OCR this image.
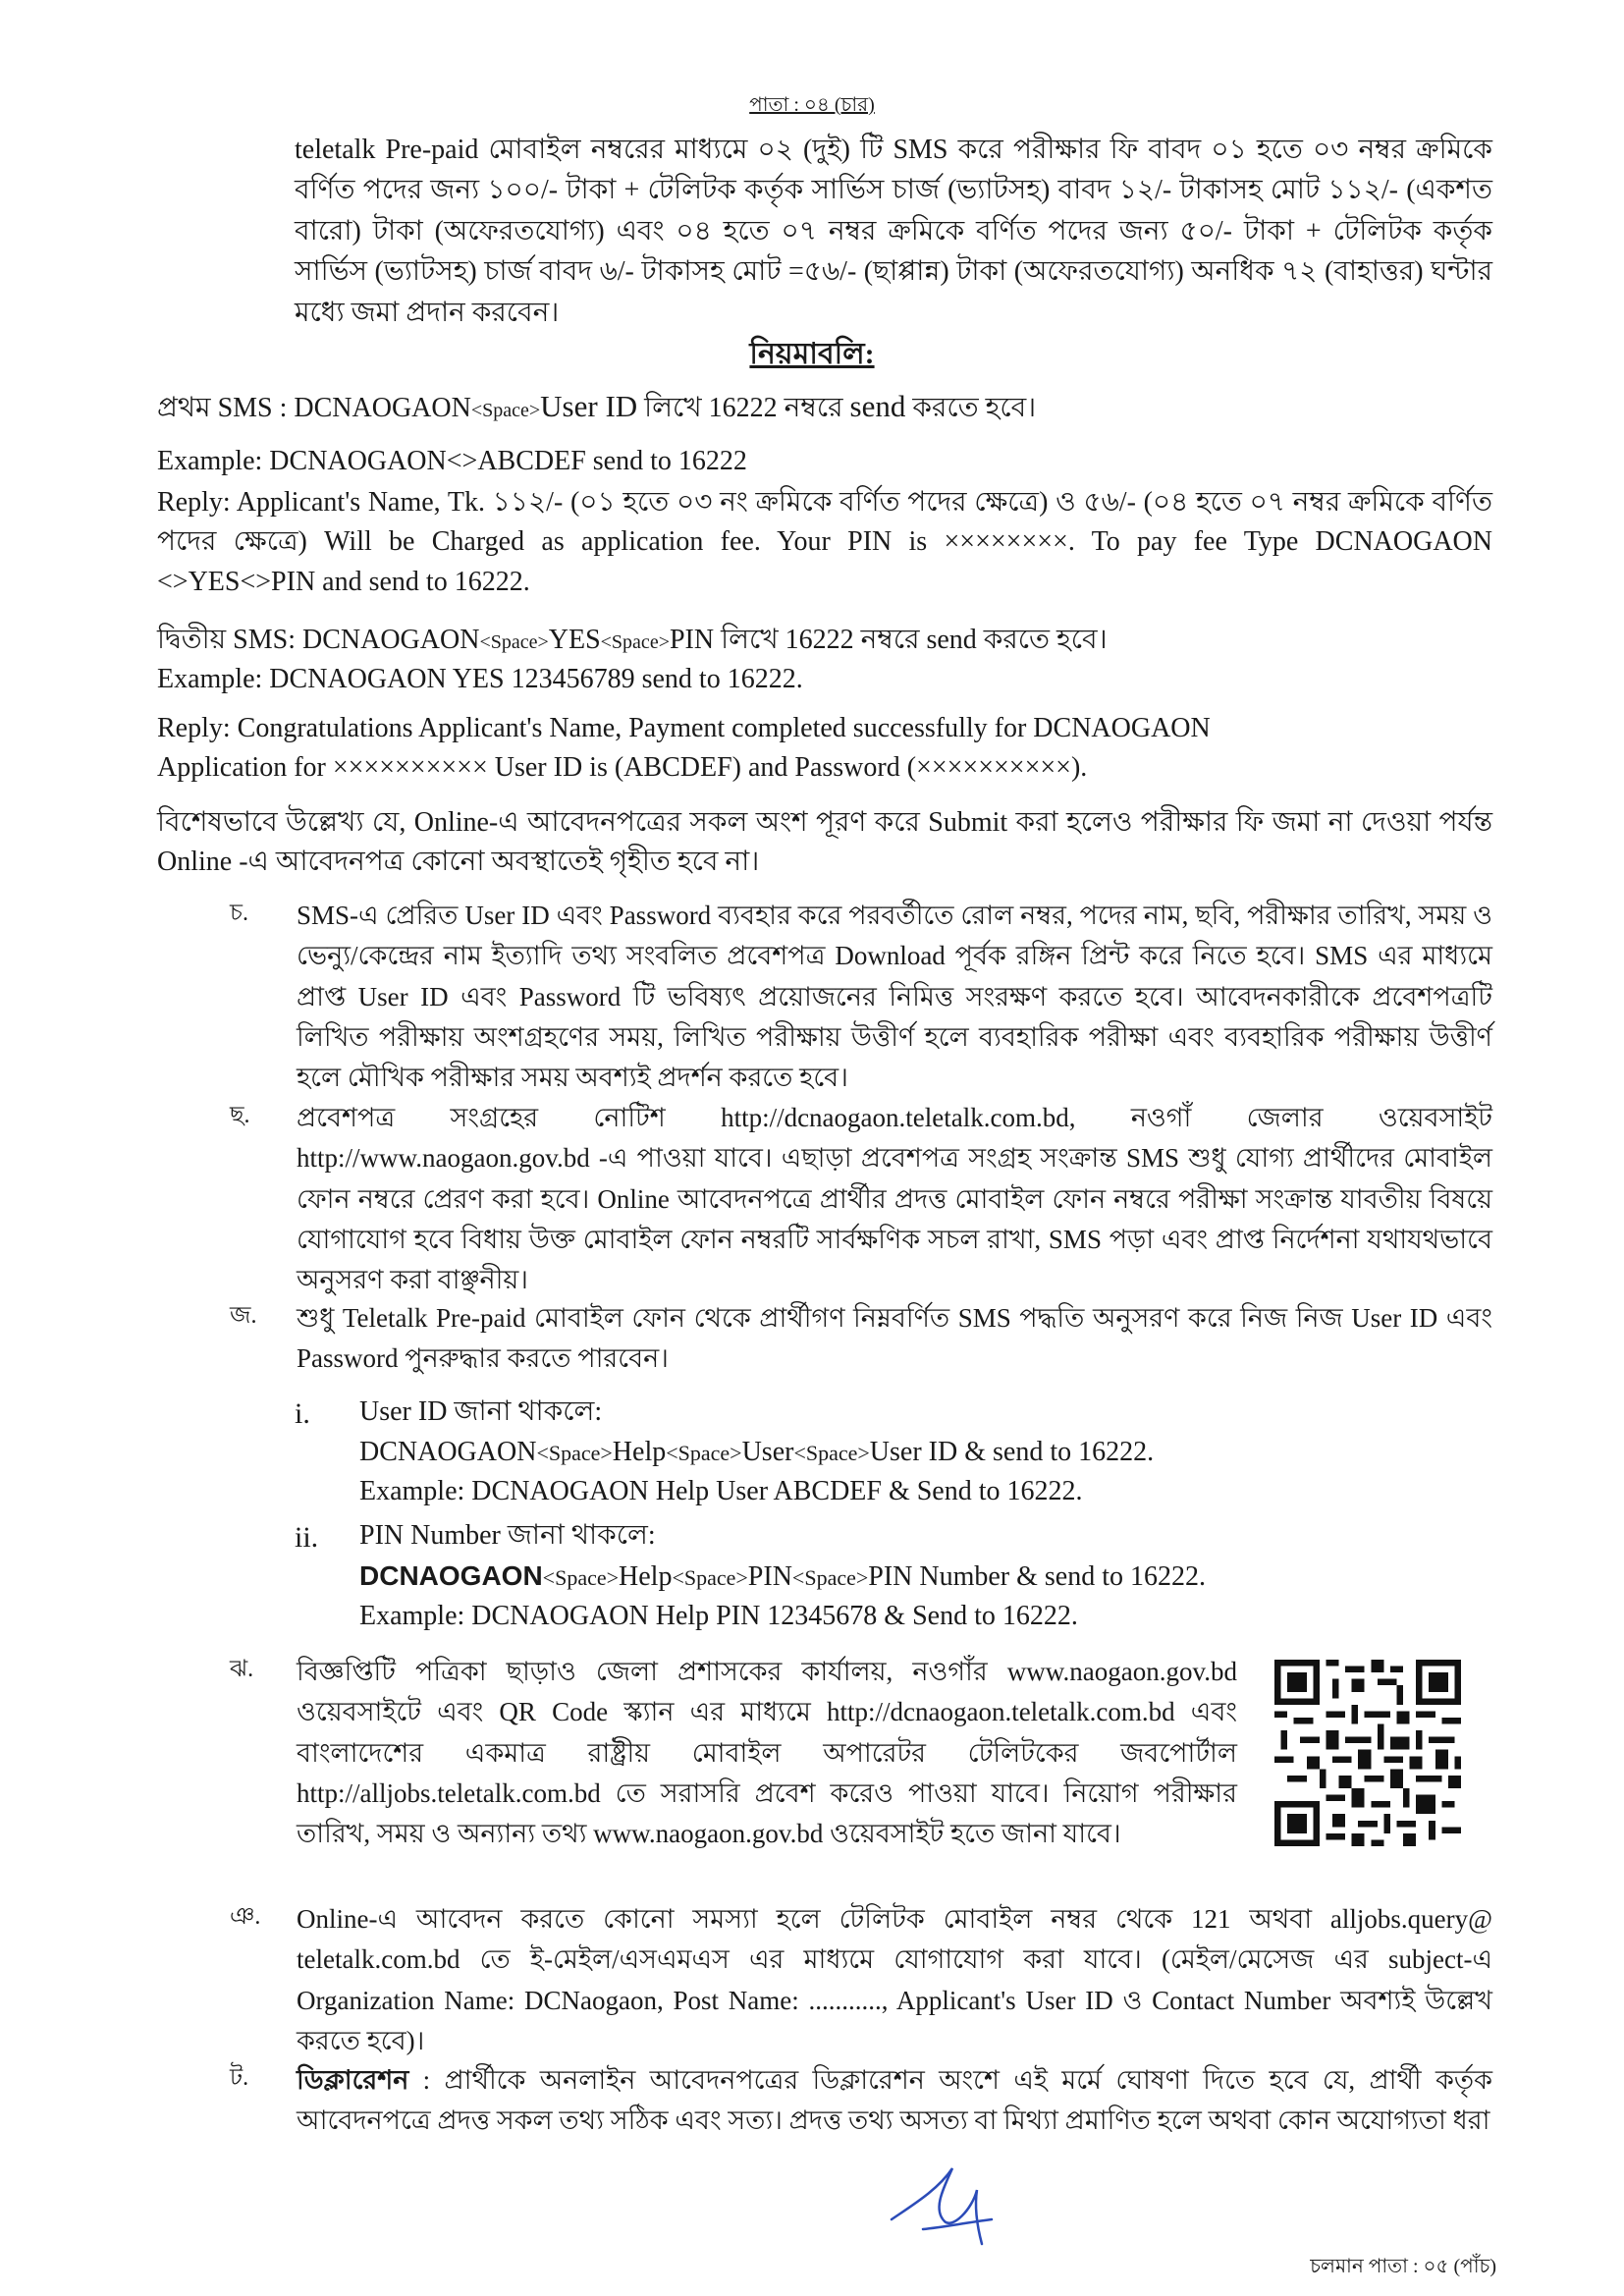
পাতা : ০৪ (চার)
teletalk Pre-paid মোবাইল নম্বরের মাধ্যমে ০২ (দুই) টি SMS করে পরীক্ষার ফি বাবদ ০১ হতে ০৩ নম্বর ক্রমিকে বর্ণিত পদের জন্য ১০০/- টাকা + টেলিটক কর্তৃক সার্ভিস চার্জ (ভ্যাটসহ) বাবদ ১২/- টাকাসহ মোট ১১২/- (একশত বারো) টাকা (অফেরতযোগ্য) এবং ০৪ হতে ০৭ নম্বর ক্রমিকে বর্ণিত পদের জন্য ৫০/- টাকা + টেলিটক কর্তৃক সার্ভিস (ভ্যাটসহ) চার্জ বাবদ ৬/- টাকাসহ মোট =৫৬/- (ছাপ্পান্ন) টাকা (অফেরতযোগ্য) অনধিক ৭২ (বাহাত্তর) ঘন্টার মধ্যে জমা প্রদান করবেন।
নিয়মাবলি:
প্রথম SMS : DCNAOGAON<Space>User ID লিখে 16222 নম্বরে send করতে হবে।
Example: DCNAOGAON<>ABCDEF send to 16222
Reply: Applicant's Name, Tk. ১১২/- (০১ হতে ০৩ নং ক্রমিকে বর্ণিত পদের ক্ষেত্রে) ও ৫৬/- (০৪ হতে ০৭ নম্বর ক্রমিকে বর্ণিত পদের ক্ষেত্রে) Will be Charged as application fee. Your PIN is ××××××××. To pay fee Type DCNAOGAON <>YES<>PIN and send to 16222.
দ্বিতীয় SMS: DCNAOGAON<Space>YES<Space>PIN লিখে 16222 নম্বরে send করতে হবে।
Example: DCNAOGAON YES 123456789 send to 16222.
Reply: Congratulations Applicant's Name, Payment completed successfully for DCNAOGAON
Application for ×××××××××× User ID is (ABCDEF) and Password (××××××××××).
বিশেষভাবে উল্লেখ্য যে, Online-এ আবেদনপত্রের সকল অংশ পূরণ করে Submit করা হলেও পরীক্ষার ফি জমা না দেওয়া পর্যন্ত Online -এ আবেদনপত্র কোনো অবস্থাতেই গৃহীত হবে না।
চ.	SMS-এ প্রেরিত User ID এবং Password ব্যবহার করে পরবর্তীতে রোল নম্বর, পদের নাম, ছবি, পরীক্ষার তারিখ, সময় ও ভেন্যু/কেন্দ্রের নাম ইত্যাদি তথ্য সংবলিত প্রবেশপত্র Download পূর্বক রঙ্গিন প্রিন্ট করে নিতে হবে। SMS এর মাধ্যমে প্রাপ্ত User ID এবং Password টি ভবিষ্যৎ প্রয়োজনের নিমিত্ত সংরক্ষণ করতে হবে। আবেদনকারীকে প্রবেশপত্রটি লিখিত পরীক্ষায় অংশগ্রহণের সময়, লিখিত পরীক্ষায় উত্তীর্ণ হলে ব্যবহারিক পরীক্ষা এবং ব্যবহারিক পরীক্ষায় উত্তীর্ণ হলে মৌখিক পরীক্ষার সময় অবশ্যই প্রদর্শন করতে হবে।
ছ.	প্রবেশপত্র সংগ্রহের নোটিশ http://dcnaogaon.teletalk.com.bd, নওগাঁ জেলার ওয়েবসাইট http://www.naogaon.gov.bd -এ পাওয়া যাবে। এছাড়া প্রবেশপত্র সংগ্রহ সংক্রান্ত SMS শুধু যোগ্য প্রার্থীদের মোবাইল ফোন নম্বরে প্রেরণ করা হবে। Online আবেদনপত্রে প্রার্থীর প্রদত্ত মোবাইল ফোন নম্বরে পরীক্ষা সংক্রান্ত যাবতীয় বিষয়ে যোগাযোগ হবে বিধায় উক্ত মোবাইল ফোন নম্বরটি সার্বক্ষণিক সচল রাখা, SMS পড়া এবং প্রাপ্ত নির্দেশনা যথাযথভাবে অনুসরণ করা বাঞ্ছনীয়।
জ.	শুধু Teletalk Pre-paid মোবাইল ফোন থেকে প্রার্থীগণ নিম্নবর্ণিত SMS পদ্ধতি অনুসরণ করে নিজ নিজ User ID এবং Password পুনরুদ্ধার করতে পারবেন।
i. User ID জানা থাকলে:
DCNAOGAON<Space>Help<Space>User<Space>User ID & send to 16222.
Example: DCNAOGAON Help User ABCDEF & Send to 16222.
ii. PIN Number জানা থাকলে:
DCNAOGAON<Space>Help<Space>PIN<Space>PIN Number & send to 16222.
Example: DCNAOGAON Help PIN 12345678 & Send to 16222.
ঝ.	বিজ্ঞপ্তিটি পত্রিকা ছাড়াও জেলা প্রশাসকের কার্যালয়, নওগাঁর www.naogaon.gov.bd ওয়েবসাইটে এবং QR Code স্ক্যান এর মাধ্যমে http://dcnaogaon.teletalk.com.bd এবং বাংলাদেশের একমাত্র রাষ্ট্রীয় মোবাইল অপারেটর টেলিটকের জবপোর্টাল http://alljobs.teletalk.com.bd তে সরাসরি প্রবেশ করেও পাওয়া যাবে। নিয়োগ পরীক্ষার তারিখ, সময় ও অন্যান্য তথ্য www.naogaon.gov.bd ওয়েবসাইট হতে জানা যাবে।
ঞ.	Online-এ আবেদন করতে কোনো সমস্যা হলে টেলিটক মোবাইল নম্বর থেকে 121 অথবা alljobs.query@ teletalk.com.bd তে ই-মেইল/এসএমএস এর মাধ্যমে যোগাযোগ করা যাবে। (মেইল/মেসেজ এর subject-এ Organization Name: DCNaogaon, Post Name: ..........., Applicant's User ID ও Contact Number অবশ্যই উল্লেখ করতে হবে)।
ট.	ডিক্লারেশন : প্রার্থীকে অনলাইন আবেদনপত্রের ডিক্লারেশন অংশে এই মর্মে ঘোষণা দিতে হবে যে, প্রার্থী কর্তৃক আবেদনপত্রে প্রদত্ত সকল তথ্য সঠিক এবং সত্য। প্রদত্ত তথ্য অসত্য বা মিথ্যা প্রমাণিত হলে অথবা কোন অযোগ্যতা ধরা
চলমান পাতা : ০৫ (পাঁচ)
